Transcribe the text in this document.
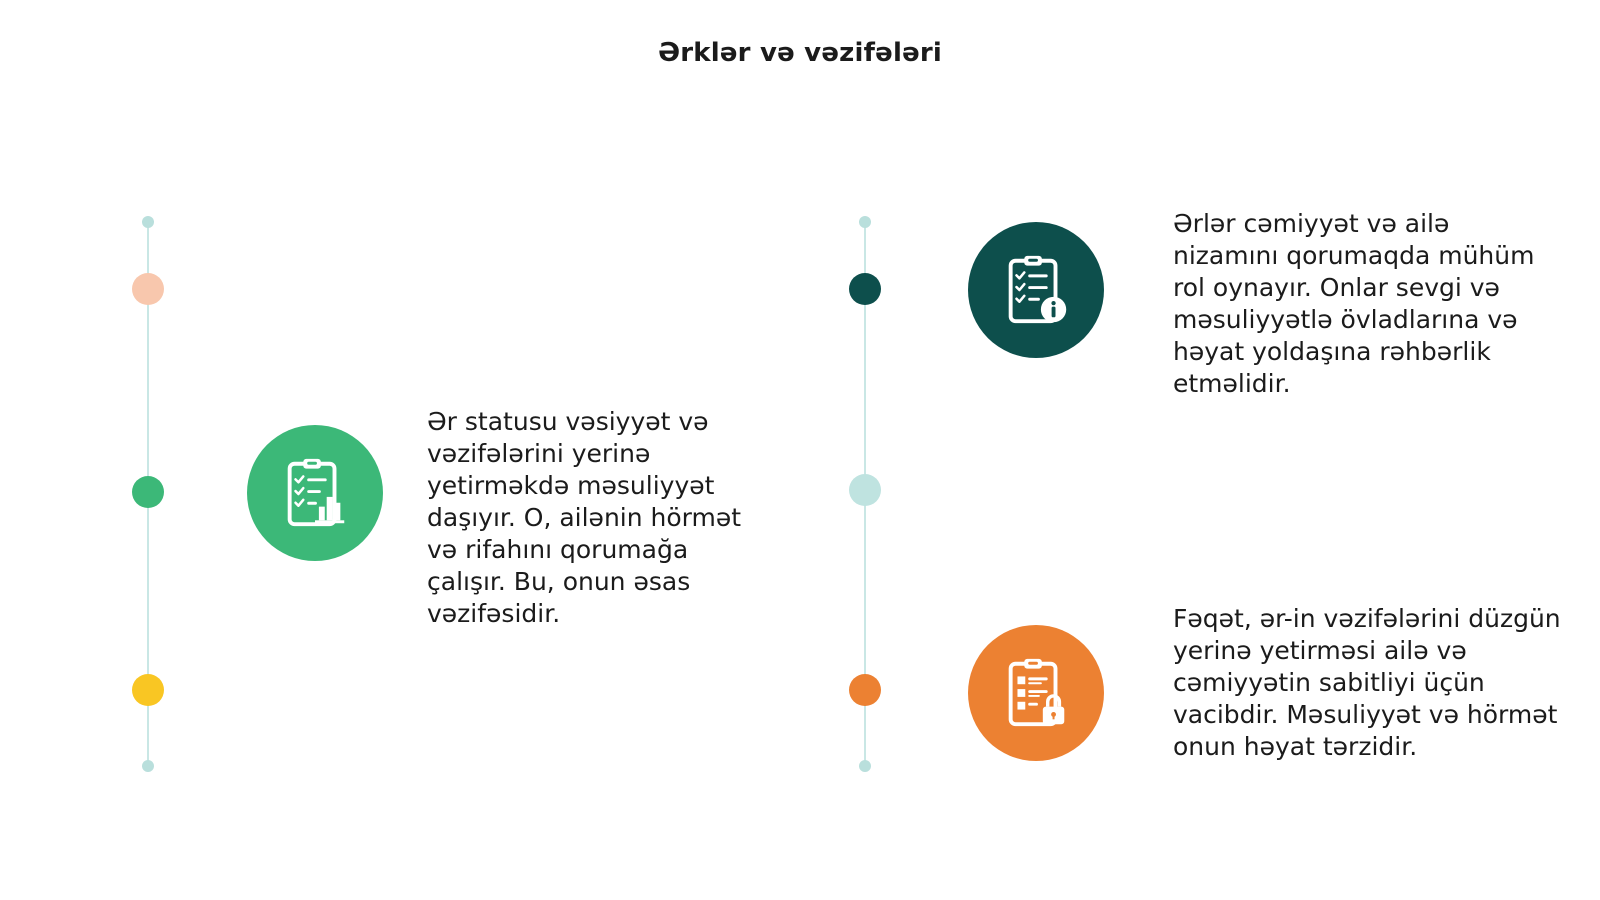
Ərklər və vəzifələri

Ər statusu vəsiyyət və vəzifələrini yerinə yetirməkdə məsuliyyət daşıyır. O, ailənin hörmət və rifahını qorumağa çalışır. Bu, onun əsas vəzifəsidir.

Ərlər cəmiyyət və ailə nizamını qorumaqda mühüm rol oynayır. Onlar sevgi və məsuliyyətlə övladlarına və həyat yoldaşına rəhbərlik etməlidir.

Fəqət, ər-in vəzifələrini düzgün yerinə yetirməsi ailə və cəmiyyətin sabitliyi üçün vacibdir. Məsuliyyət və hörmət onun həyat tərzidir.
